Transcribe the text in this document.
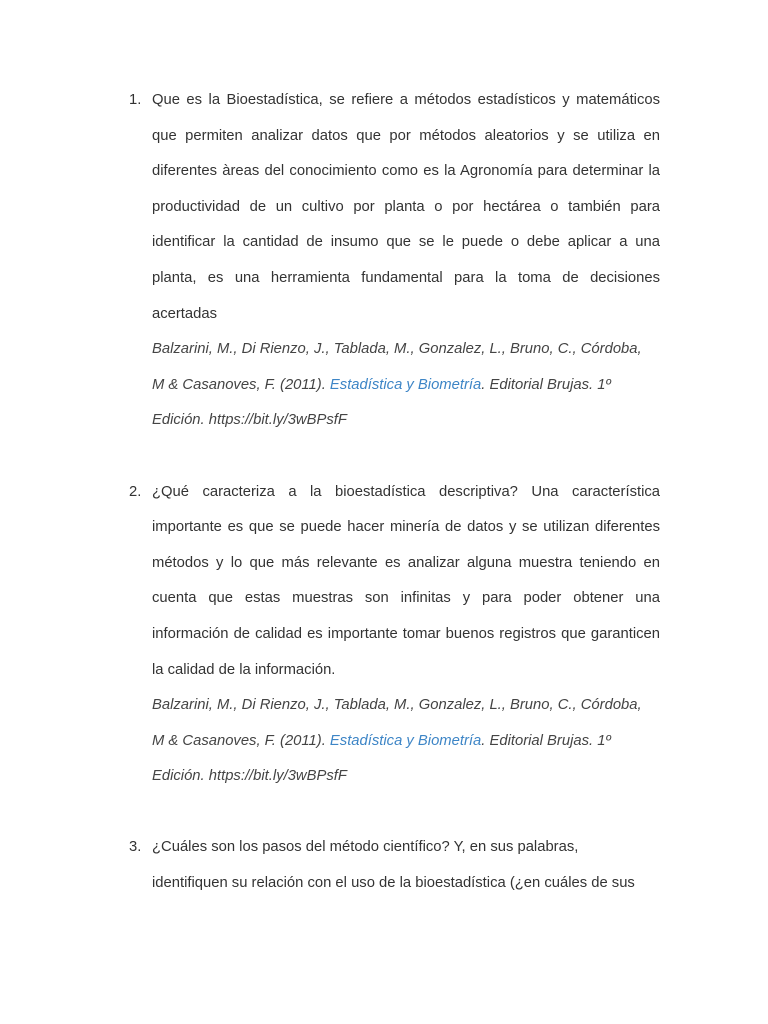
1. Que es la Bioestadística, se refiere a métodos estadísticos y matemáticos
que permiten analizar datos que por métodos aleatorios y se utiliza en
diferentes àreas del conocimiento como es la Agronomía para determinar la
productividad de un cultivo por planta o por hectárea o también para
identificar la cantidad de insumo que se le puede o debe aplicar a una
planta, es una herramienta fundamental para la toma de decisiones
acertadas
Balzarini, M., Di Rienzo, J., Tablada, M., Gonzalez, L., Bruno, C., Córdoba,
M & Casanoves, F. (2011). Estadística y Biometría. Editorial Brujas. 1º
Edición. https://bit.ly/3wBPsfF
2. ¿Qué caracteriza a la bioestadística descriptiva? Una característica
importante es que se puede hacer minería de datos y se utilizan diferentes
métodos y lo que más relevante es analizar alguna muestra teniendo en
cuenta que estas muestras son infinitas y para poder obtener una
información de calidad es importante tomar buenos registros que garanticen
la calidad de la información.
Balzarini, M., Di Rienzo, J., Tablada, M., Gonzalez, L., Bruno, C., Córdoba,
M & Casanoves, F. (2011). Estadística y Biometría. Editorial Brujas. 1º
Edición. https://bit.ly/3wBPsfF
3. ¿Cuáles son los pasos del método científico? Y, en sus palabras,
identifiquen su relación con el uso de la bioestadística (¿en cuáles de sus
